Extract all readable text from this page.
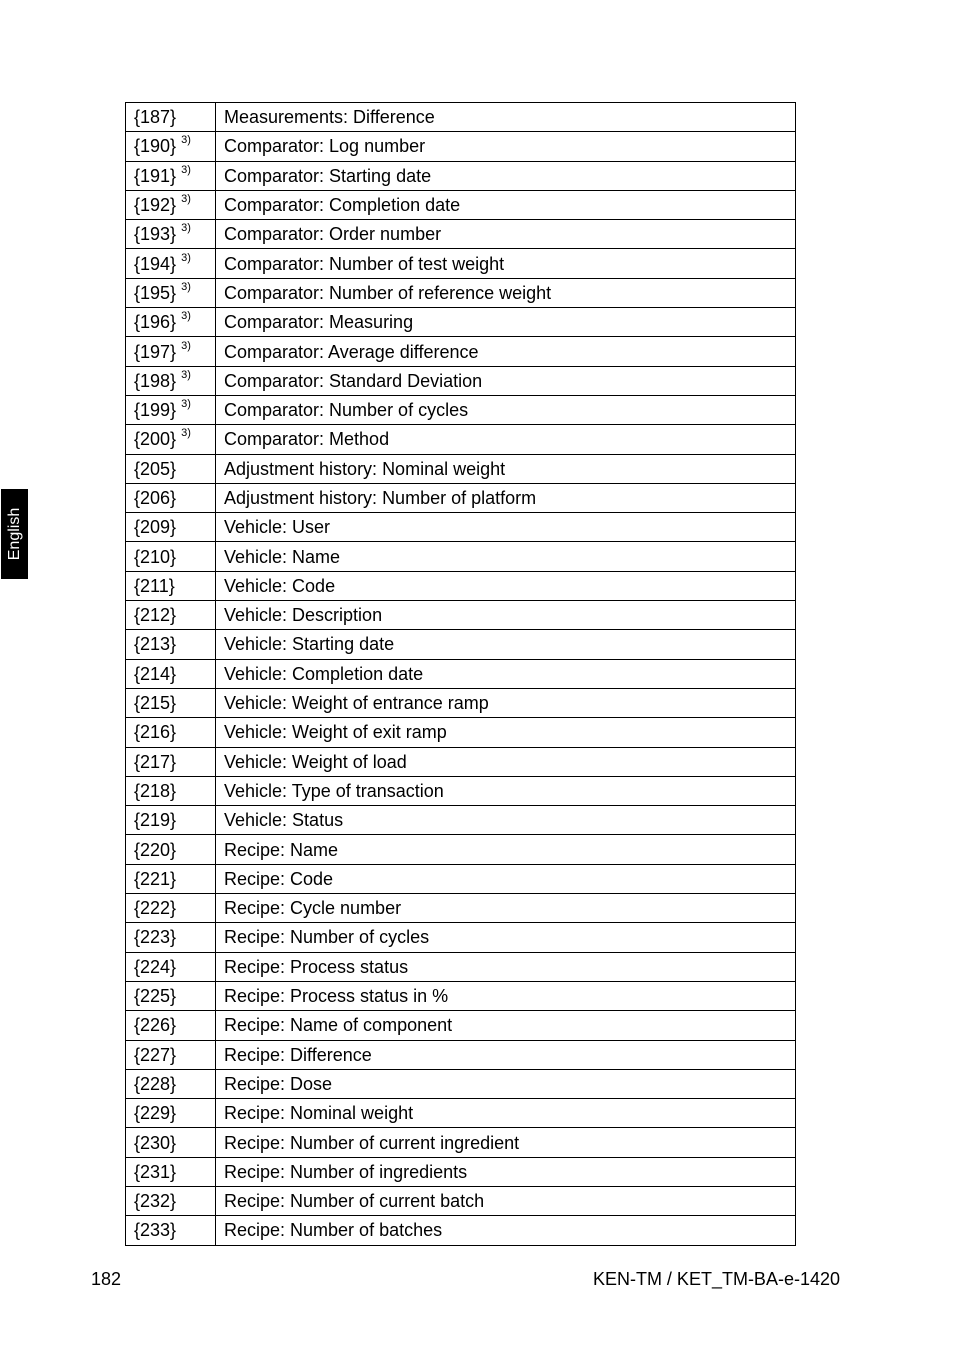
English
{187}	Measurements: Difference
{190} $^{3)}$	Comparator: Log number
{191} $^{3)}$	Comparator: Starting date
{192} $^{3)}$	Comparator: Completion date
{193} $^{3)}$	Comparator: Order number
{194} $^{3)}$	Comparator: Number of test weight
{195} $^{3)}$	Comparator: Number of reference weight
{196} $^{3)}$	Comparator: Measuring
{197} $^{3)}$	Comparator: Average difference
{198} $^{3)}$	Comparator: Standard Deviation
{199} $^{3)}$	Comparator: Number of cycles
{200} $^{3)}$	Comparator: Method
{205}	Adjustment history: Nominal weight
{206}	Adjustment history: Number of platform
{209}	Vehicle: User
{210}	Vehicle: Name
{211}	Vehicle: Code
{212}	Vehicle: Description
{213}	Vehicle: Starting date
{214}	Vehicle: Completion date
{215}	Vehicle: Weight of entrance ramp
{216}	Vehicle: Weight of exit ramp
{217}	Vehicle: Weight of load
{218}	Vehicle: Type of transaction
{219}	Vehicle: Status
{220}	Recipe: Name
{221}	Recipe: Code
{222}	Recipe: Cycle number
{223}	Recipe: Number of cycles
{224}	Recipe: Process status
{225}	Recipe: Process status in %
{226}	Recipe: Name of component
{227}	Recipe: Difference
{228}	Recipe: Dose
{229}	Recipe: Nominal weight
{230}	Recipe: Number of current ingredient
{231}	Recipe: Number of ingredients
{232}	Recipe: Number of current batch
{233}	Recipe: Number of batches
182	KEN-TM / KET_TM-BA-e-1420
